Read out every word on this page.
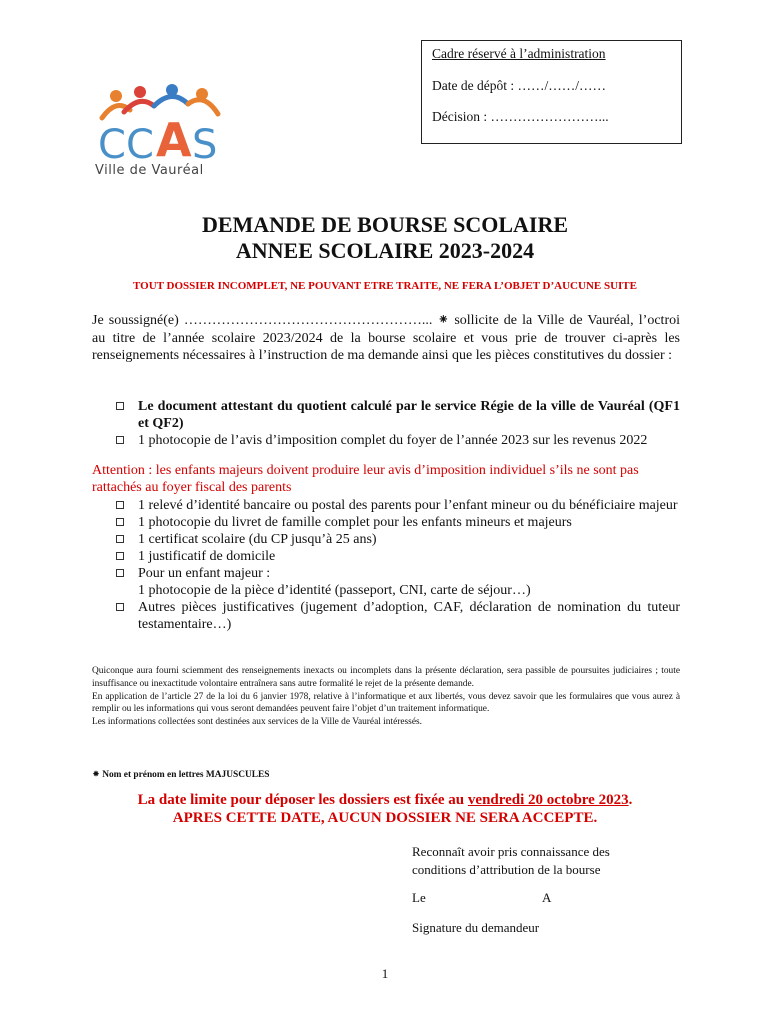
Cadre réservé à l’administration
Date de dépôt : ……/……/……
Décision : ……………………...
C C A S
Ville de Vauréal
DEMANDE DE BOURSE SCOLAIRE
ANNEE SCOLAIRE 2023-2024
TOUT DOSSIER INCOMPLET, NE POUVANT ETRE TRAITE, NE FERA L’OBJET D’AUCUNE SUITE
Je soussigné(e) ……………………………………………... ⁕ sollicite de la Ville de Vauréal, l’octroi au titre de l’année scolaire 2023/2024 de la bourse scolaire et vous prie de trouver ci-après les renseignements nécessaires à l’instruction de ma demande ainsi que les pièces constitutives du dossier :
Le document attestant du quotient calculé par le service Régie de la ville de Vauréal (QF1 et QF2)
1 photocopie de l’avis d’imposition complet du foyer de l’année 2023 sur les revenus 2022
Attention : les enfants majeurs doivent produire leur avis d’imposition individuel s’ils ne sont pas rattachés au foyer fiscal des parents
1 relevé d’identité bancaire ou postal des parents pour l’enfant mineur ou du bénéficiaire majeur
1 photocopie du livret de famille complet pour les enfants mineurs et majeurs
1 certificat scolaire (du CP jusqu’à 25 ans)
1 justificatif de domicile
Pour un enfant majeur :
1 photocopie de la pièce d’identité (passeport, CNI, carte de séjour…)
Autres pièces justificatives (jugement d’adoption, CAF, déclaration de nomination du tuteur testamentaire…)

Quiconque aura fourni sciemment des renseignements inexacts ou incomplets dans la présente déclaration, sera passible de poursuites judiciaires ; toute insuffisance ou inexactitude volontaire entraînera sans autre formalité le rejet de la présente demande.

En application de l’article 27 de la loi du 6 janvier 1978, relative à l’informatique et aux libertés, vous devez savoir que les formulaires que vous aurez à remplir ou les informations qui vous seront demandées peuvent faire l’objet d’un traitement informatique.

Les informations collectées sont destinées aux services de la Ville de Vauréal intéressés.

⁕ Nom et prénom en lettres MAJUSCULES
La date limite pour déposer les dossiers est fixée au vendredi 20 octobre 2023.
APRES CETTE DATE, AUCUN DOSSIER NE SERA ACCEPTE.
Reconnaît avoir pris connaissance des conditions d’attribution de la bourse
Le	A
Signature du demandeur
1
